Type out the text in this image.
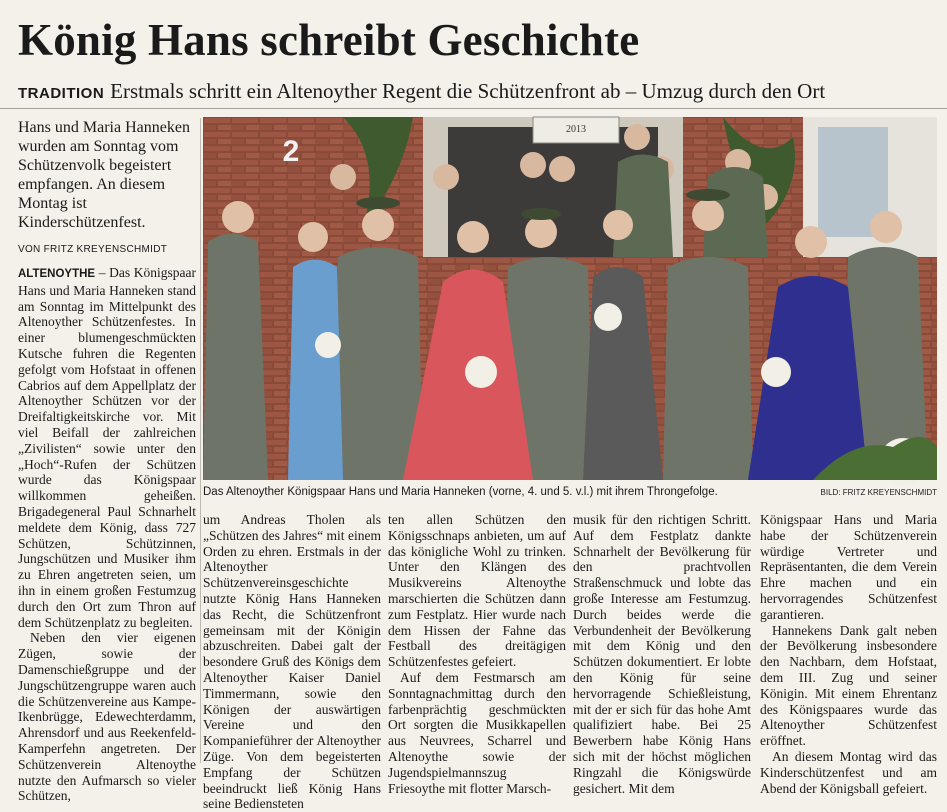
König Hans schreibt Geschichte
TRADITION Erstmals schritt ein Altenoyther Regent die Schützenfront ab – Umzug durch den Ort

Hans und Maria Hanneken wurden am Sonntag vom Schützenvolk begeistert empfangen. An diesem Montag ist Kinderschützenfest.

VON FRITZ KREYENSCHMIDT
2013
2
Das Altenoyther Königspaar Hans und Maria Hanneken (vorne, 4. und 5. v.l.) mit ihrem Throngefolge.	BILD: FRITZ KREYENSCHMIDT

ALTENOYTHE – Das Königspaar Hans und Maria Hanneken stand am Sonntag im Mittelpunkt des Altenoyther Schützenfestes. In einer blumengeschmückten Kutsche fuhren die Regenten gefolgt vom Hofstaat in offenen Cabrios auf dem Appellplatz der Altenoyther Schützen vor der Dreifaltigkeitskirche vor. Mit viel Beifall der zahlreichen „Zivilisten“ sowie unter den „Hoch“-Rufen der Schützen wurde das Königspaar willkommen geheißen. Brigadegeneral Paul Schnarhelt meldete dem König, dass 727 Schützen, Schützinnen, Jungschützen und Musiker ihm zu Ehren angetreten seien, um ihn in einem großen Festumzug durch den Ort zum Thron auf dem Schützenplatz zu begleiten.

Neben den vier eigenen Zügen, sowie der Damenschießgruppe und der Jungschützengruppe waren auch die Schützenvereine aus Kampe-Ikenbrügge, Edewechterdamm, Ahrensdorf und aus Reekenfeld-Kamperfehn angetreten. Der Schützenverein Altenoythe nutzte den Aufmarsch so vieler Schützen,

um Andreas Tholen als „Schützen des Jahres“ mit einem Orden zu ehren. Erstmals in der Altenoyther Schützenvereinsgeschichte nutzte König Hans Hanneken das Recht, die Schützenfront gemeinsam mit der Königin abzuschreiten. Dabei galt der besondere Gruß des Königs dem Altenoyther Kaiser Daniel Timmermann, sowie den Königen der auswärtigen Vereine und den Kompanieführer der Altenoyther Züge. Von dem begeisterten Empfang der Schützen beeindruckt ließ König Hans seine Bediensteten

ten allen Schützen den Königsschnaps anbieten, um auf das königliche Wohl zu trinken. Unter den Klängen des Musikvereins Altenoythe marschierten die Schützen dann zum Festplatz. Hier wurde nach dem Hissen der Fahne das Festball des dreitägigen Schützenfestes gefeiert.

Auf dem Festmarsch am Sonntagnachmittag durch den farbenprächtig geschmückten Ort sorgten die Musikkapellen aus Neuvrees, Scharrel und Altenoythe sowie der Jugendspielmannszug Friesoythe mit flotter Marsch-

musik für den richtigen Schritt. Auf dem Festplatz dankte Schnarhelt der Bevölkerung für den prachtvollen Straßenschmuck und lobte das große Interesse am Festumzug. Durch beides werde die Verbundenheit der Bevölkerung mit dem König und den Schützen dokumentiert. Er lobte den König für seine hervorragende Schießleistung, mit der er sich für das hohe Amt qualifiziert habe. Bei 25 Bewerbern habe König Hans sich mit der höchst möglichen Ringzahl die Königswürde gesichert. Mit dem

Königspaar Hans und Maria habe der Schützenverein würdige Vertreter und Repräsentanten, die dem Verein Ehre machen und ein hervorragendes Schützenfest garantieren.

Hannekens Dank galt neben der Bevölkerung insbesondere den Nachbarn, dem Hofstaat, dem III. Zug und seiner Königin. Mit einem Ehrentanz des Königspaares wurde das Altenoyther Schützenfest eröffnet.

An diesem Montag wird das Kinderschützenfest und am Abend der Königsball gefeiert.
